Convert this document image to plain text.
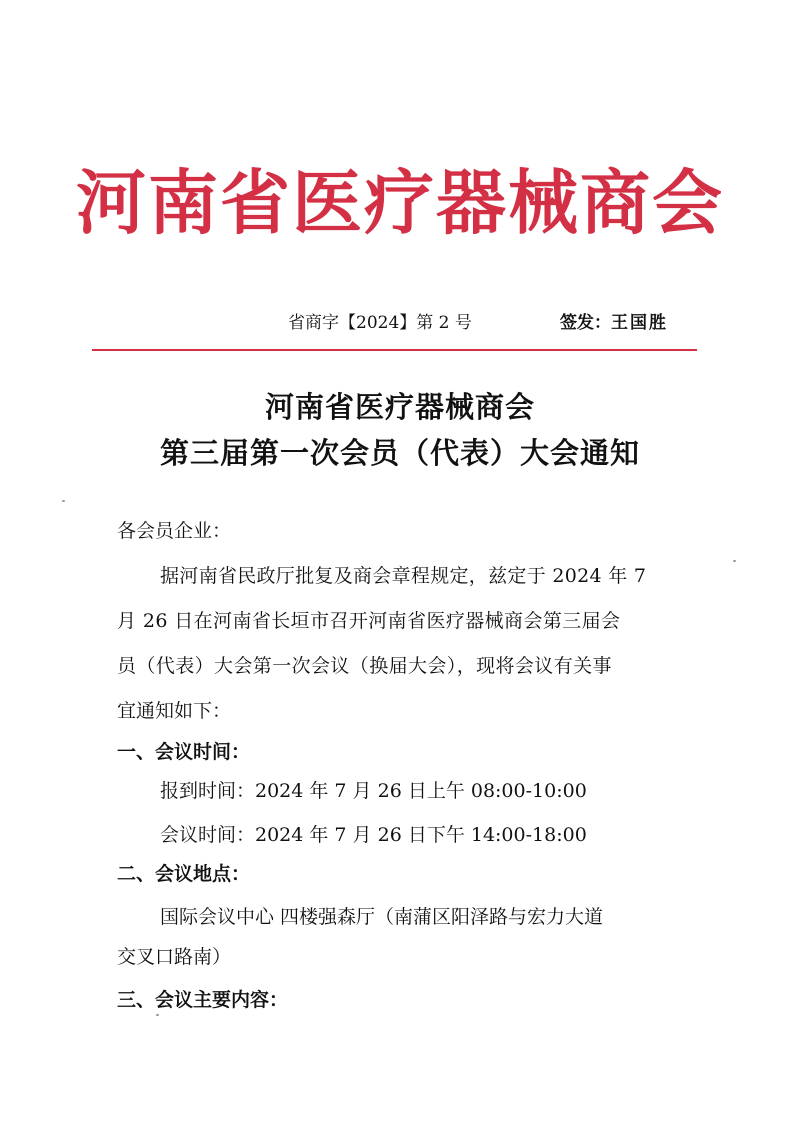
河南省医疗器械商会
省商字【2024】第 2 号	签发：王国胜
河南省医疗器械商会
第三届第一次会员（代表）大会通知
各会员企业：
据河南省民政厅批复及商会章程规定，兹定于 2024 年 7
月 26 日在河南省长垣市召开河南省医疗器械商会第三届会
员（代表）大会第一次会议（换届大会），现将会议有关事
宜通知如下：
一、会议时间：
报到时间：2024 年 7 月 26 日上午 08:00-10:00
会议时间：2024 年 7 月 26 日下午 14:00-18:00
二、会议地点：
国际会议中心 四楼强森厅（南蒲区阳泽路与宏力大道
交叉口路南）
三、会议主要内容：
